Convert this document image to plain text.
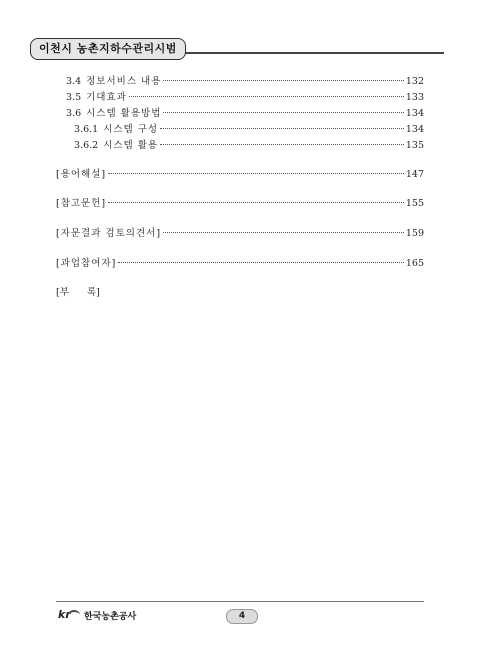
이천시 농촌지하수관리시범
3.4 정보서비스 내용	132
3.5 기대효과	133
3.6 시스템 활용방법	134
3.6.1 시스템 구성	134
3.6.2 시스템 활용	135
[용어해설]	147
[참고문헌]	155
[자문결과 검토의견서]	159
[과업참여자]	165
[부 록]
kr 한국농촌공사	4
